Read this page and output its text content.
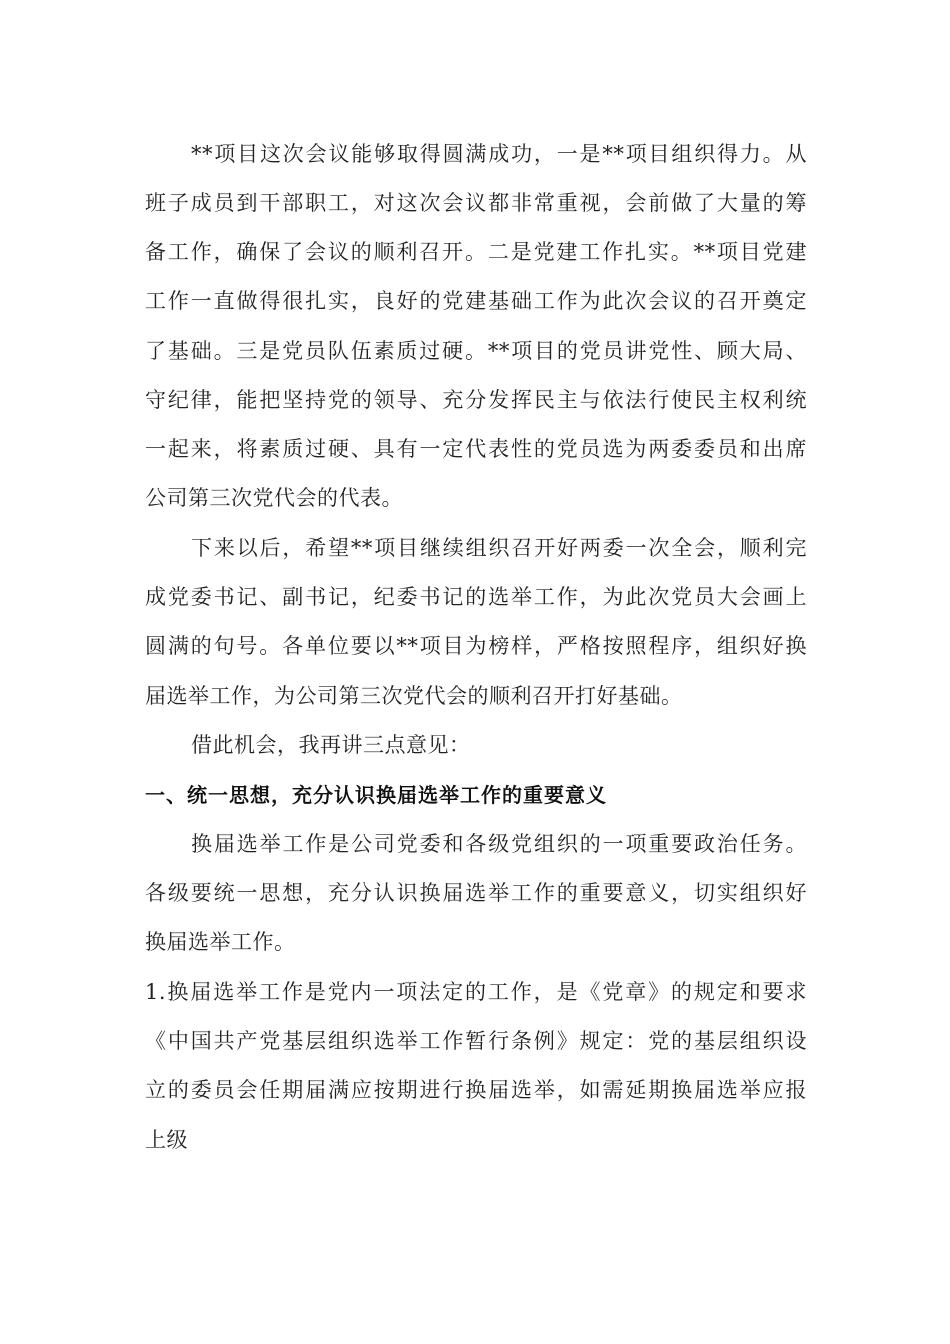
**项目这次会议能够取得圆满成功，一是**项目组织得力。从
班子成员到干部职工，对这次会议都非常重视，会前做了大量的筹
备工作，确保了会议的顺利召开。二是党建工作扎实。**项目党建
工作一直做得很扎实，良好的党建基础工作为此次会议的召开奠定
了基础。三是党员队伍素质过硬。**项目的党员讲党性、顾大局、
守纪律，能把坚持党的领导、充分发挥民主与依法行使民主权利统
一起来，将素质过硬、具有一定代表性的党员选为两委委员和出席
公司第三次党代会的代表。
下来以后，希望**项目继续组织召开好两委一次全会，顺利完
成党委书记、副书记，纪委书记的选举工作，为此次党员大会画上
圆满的句号。各单位要以**项目为榜样，严格按照程序，组织好换
届选举工作，为公司第三次党代会的顺利召开打好基础。
借此机会，我再讲三点意见：
一、统一思想，充分认识换届选举工作的重要意义
换届选举工作是公司党委和各级党组织的一项重要政治任务。
各级要统一思想，充分认识换届选举工作的重要意义，切实组织好
换届选举工作。
1.换届选举工作是党内一项法定的工作，是《党章》的规定和要求
《中国共产党基层组织选举工作暂行条例》规定：党的基层组织设
立的委员会任期届满应按期进行换届选举，如需延期换届选举应报
上级
